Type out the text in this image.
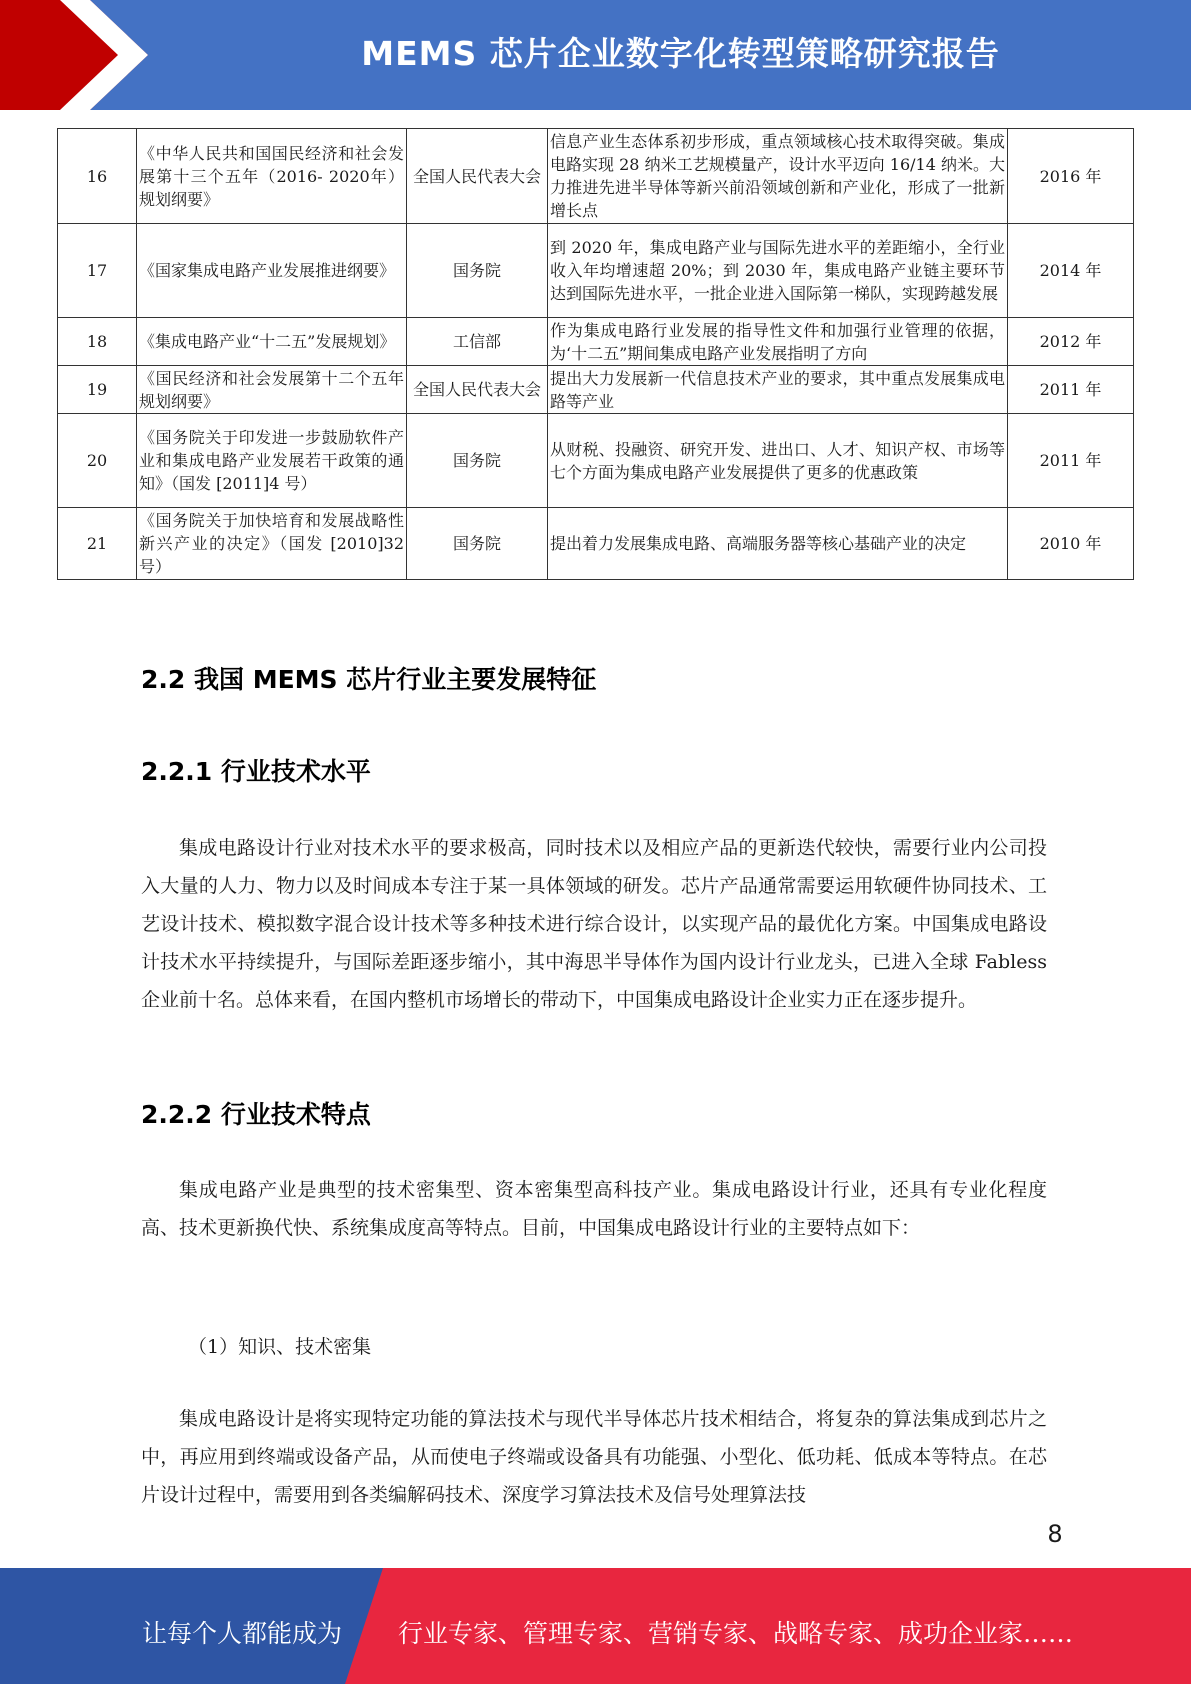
MEMS 芯片企业数字化转型策略研究报告
16	《中华人民共和国国民经济和社会发展第十三个五年（2016- 2020年）规划纲要》	全国人民代表大会	信息产业生态体系初步形成，重点领域核心技术取得突破。集成电路实现 28 纳米工艺规模量产，设计水平迈向 16/14 纳米。大力推进先进半导体等新兴前沿领域创新和产业化，形成了一批新增长点	2016 年
17	《国家集成电路产业发展推进纲要》	国务院	到 2020 年，集成电路产业与国际先进水平的差距缩小，全行业收入年均增速超 20%；到 2030 年，集成电路产业链主要环节达到国际先进水平，一批企业进入国际第一梯队，实现跨越发展	2014 年
18	《集成电路产业“十二五”发展规划》	工信部	作为集成电路行业发展的指导性文件和加强行业管理的依据，为‘十二五”期间集成电路产业发展指明了方向	2012 年
19	《国民经济和社会发展第十二个五年规划纲要》	全国人民代表大会	提出大力发展新一代信息技术产业的要求，其中重点发展集成电路等产业	2011 年
20	《国务院关于印发进一步鼓励软件产业和集成电路产业发展若干政策的通知》（国发 [2011]4 号）	国务院	从财税、投融资、研究开发、进出口、人才、知识产权、市场等七个方面为集成电路产业发展提供了更多的优惠政策	2011 年
21	《国务院关于加快培育和发展战略性新兴产业的决定》（国发 [2010]32 号）	国务院	提出着力发展集成电路、高端服务器等核心基础产业的决定	2010 年
2.2 我国 MEMS 芯片行业主要发展特征
2.2.1 行业技术水平
集成电路设计行业对技术水平的要求极高，同时技术以及相应产品的更新迭代较快，需要行业内公司投入大量的人力、物力以及时间成本专注于某一具体领域的研发。芯片产品通常需要运用软硬件协同技术、工艺设计技术、模拟数字混合设计技术等多种技术进行综合设计，以实现产品的最优化方案。中国集成电路设计技术水平持续提升，与国际差距逐步缩小，其中海思半导体作为国内设计行业龙头，已进入全球 Fabless 企业前十名。总体来看，在国内整机市场增长的带动下，中国集成电路设计企业实力正在逐步提升。
2.2.2 行业技术特点
集成电路产业是典型的技术密集型、资本密集型高科技产业。集成电路设计行业，还具有专业化程度高、技术更新换代快、系统集成度高等特点。目前，中国集成电路设计行业的主要特点如下：
（1）知识、技术密集
集成电路设计是将实现特定功能的算法技术与现代半导体芯片技术相结合，将复杂的算法集成到芯片之中，再应用到终端或设备产品，从而使电子终端或设备具有功能强、小型化、低功耗、低成本等特点。在芯片设计过程中，需要用到各类编解码技术、深度学习算法技术及信号处理算法技
8
让每个人都能成为 行业专家、管理专家、营销专家、战略专家、成功企业家……
